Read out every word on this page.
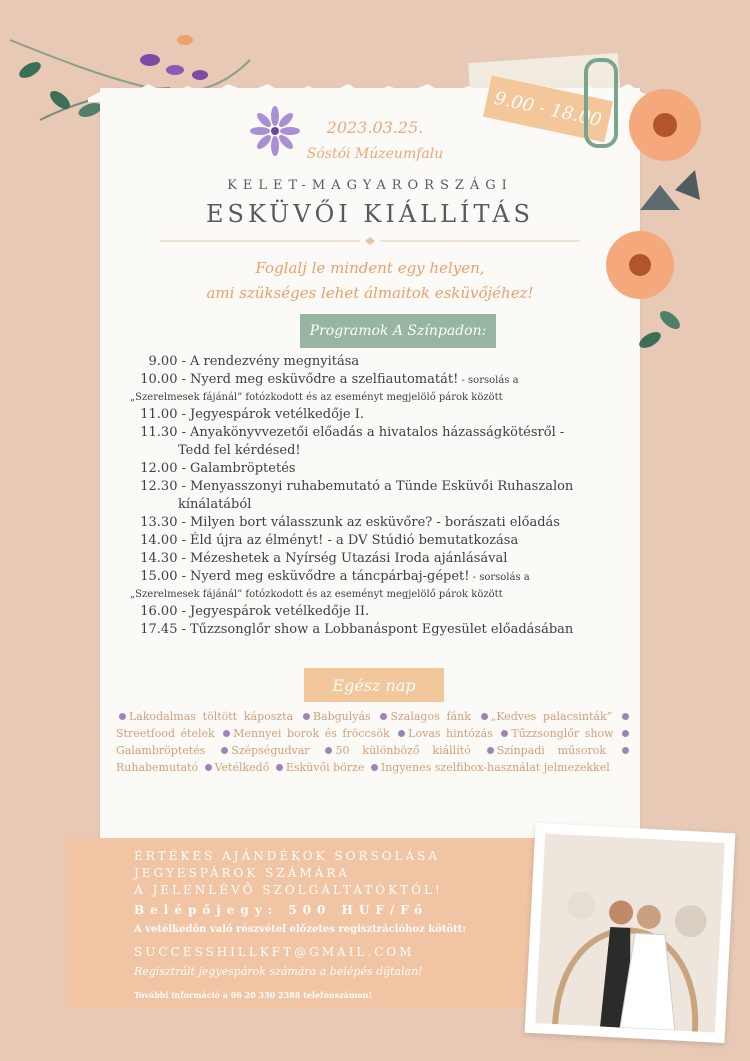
9.00 - 18.00
2023.03.25.
Sóstói Múzeumfalu
KELET-MAGYARORSZÁGI
ESKÜVŐI KIÁLLÍTÁS
Foglalj le mindent egy helyen,
ami szükséges lehet álmaitok esküvőjéhez!
Programok A Színpadon:
9.00 - A rendezvény megnyitása
10.00 - Nyerd meg esküvődre a szelfiautomatát! - sorsolás a
„Szerelmesek fájánál” fotózkodott és az eseményt megjelölő párok között
11.00 - Jegyespárok vetélkedője I.
11.30 - Anyakönyvvezetői előadás a hivatalos házasságkötésről -
Tedd fel kérdésed!
12.00 - Galambröptetés
12.30 - Menyasszonyi ruhabemutató a Tünde Esküvői Ruhaszalon
kínálatából
13.30 - Milyen bort válasszunk az esküvőre? - borászati előadás
14.00 - Éld újra az élményt! - a DV Stúdió bemutatkozása
14.30 - Mézeshetek a Nyírség Utazási Iroda ajánlásával
15.00 - Nyerd meg esküvődre a táncpárbaj-gépet! - sorsolás a
„Szerelmesek fájánál” fotózkodott és az eseményt megjelölő párok között
16.00 - Jegyespárok vetélkedője II.
17.45 - Tűzzsonglőr show a Lobbanáspont Egyesület előadásában
Egész nap
Lakodalmas töltött káposzta Babgulyás Szalagos fánk „Kedves palacsinták” Streetfood ételek Mennyei borok és fröccsök Lovas hintózás Tűzzsonglőr show Galambröptetés Szépségudvar 50 különböző kiállító Színpadi műsorok Ruhabemutató Vetélkedő Esküvői börze Ingyenes szelfibox-használat jelmezekkel
ÉRTÉKES AJÁNDÉKOK SORSOLÁSA
JEGYESPÁROK SZÁMÁRA
A JELENLÉVŐ SZOLGÁLTATÓKTÓL!
Belépőjegy: 500 HUF/Fő
A vetélkedőn való részvétel előzetes regisztrációhoz kötött:
SUCCESSHILLKFT@GMAIL.COM
Regisztrált jegyespárok számára a belépés díjtalan!
További információ a 06 20 330 2388 telefonszámon!
